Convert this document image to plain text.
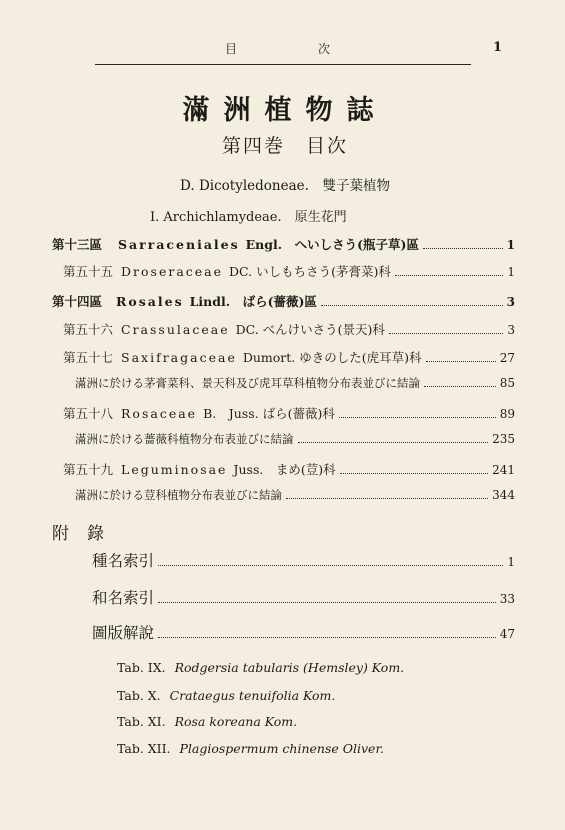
目	次	1
滿洲植物誌
第四巻　目次
D. Dicotyledoneae.　雙子葉植物
I. Archichlamydeae.　原生花門
第十三區 Sarraceniales Engl.　へいしさう(瓶子草)區	1
第五十五 Droseraceae DC. いしもちさう(茅膏菜)科	1
第十四區 Rosales Lindl.　ばら(薔薇)區	3
第五十六 Crassulaceae DC. べんけいさう(景天)科	3
第五十七 Saxifragaceae Dumort. ゆきのした(虎耳草)科	27
滿洲に於ける茅膏菜科、景天科及び虎耳草科植物分布表並びに結論	85
第五十八 Rosaceae B.　Juss. ばら(薔薇)科	89
滿洲に於ける薔薇科植物分布表並びに結論	235
第五十九 Leguminosae Juss.　まめ(荳)科	241
滿洲に於ける荳科植物分布表並びに結論	344
附錄
種名索引	1
和名索引	33
圖版解說	47
Tab. IX. Rodgersia tabularis (Hemsley) Kom.
Tab. X. Crataegus tenuifolia Kom.
Tab. XI. Rosa koreana Kom.
Tab. XII. Plagiospermum chinense Oliver.
